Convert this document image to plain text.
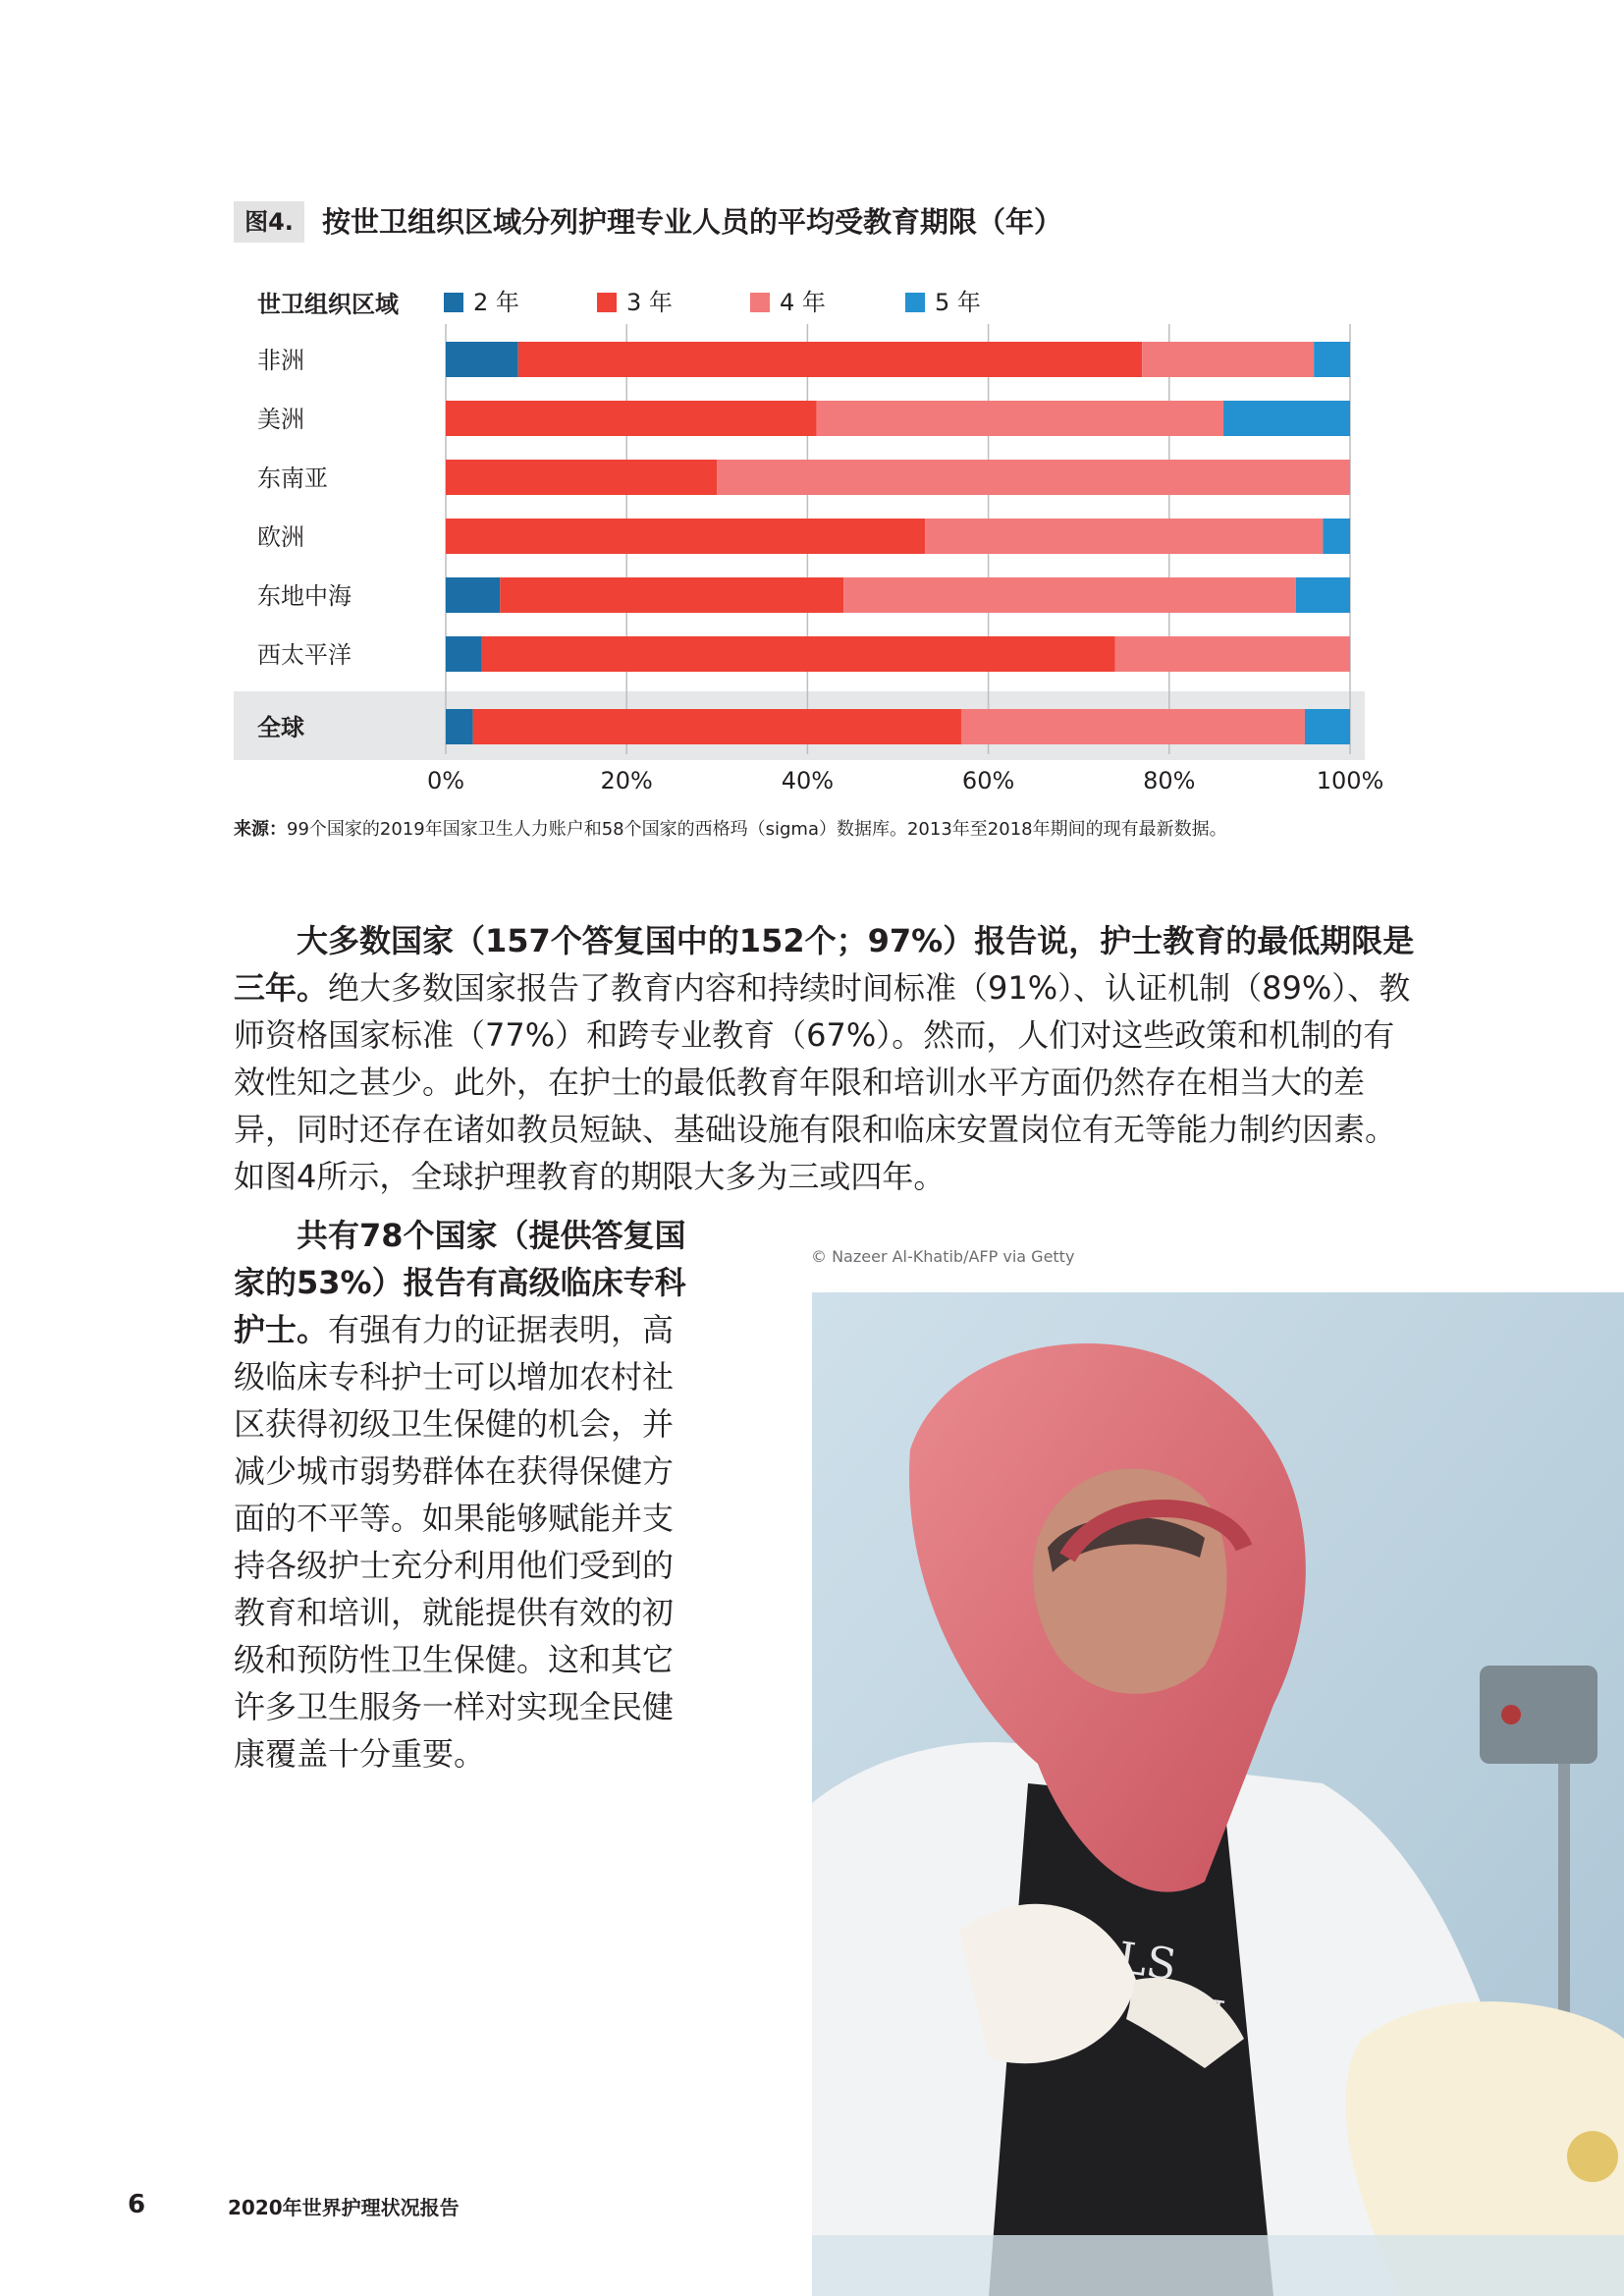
图4.	按世卫组织区域分列护理专业人员的平均受教育期限（年）
非洲
美洲
东南亚
欧洲
东地中海
西太平洋
全球
0%	20%	40%	60%	80%	100%
世卫组织区域	2 年	3 年	4 年	5 年
来源：99个国家的2019年国家卫生人力账户和58个国家的西格玛（sigma）数据库。2013年至2018年期间的现有最新数据。

大多数国家（157个答复国中的152个；97%）报告说，护士教育的最低期限是三年。绝大多数国家报告了教育内容和持续时间标准（91%）、认证机制（89%）、教师资格国家标准（77%）和跨专业教育（67%）。然而，人们对这些政策和机制的有效性知之甚少。此外，在护士的最低教育年限和培训水平方面仍然存在相当大的差异，同时还存在诸如教员短缺、基础设施有限和临床安置岗位有无等能力制约因素。如图4所示，全球护理教育的期限大多为三或四年。

共有78个国家（提供答复国家的53%）报告有高级临床专科护士。有强有力的证据表明，高级临床专科护士可以增加农村社区获得初级卫生保健的机会，并减少城市弱势群体在获得保健方面的不平等。如果能够赋能并支持各级护士充分利用他们受到的教育和培训，就能提供有效的初级和预防性卫生保健。这和其它许多卫生服务一样对实现全民健康覆盖十分重要。

© Nazeer Al-Khatib/AFP via Getty
6	2020年世界护理状况报告
